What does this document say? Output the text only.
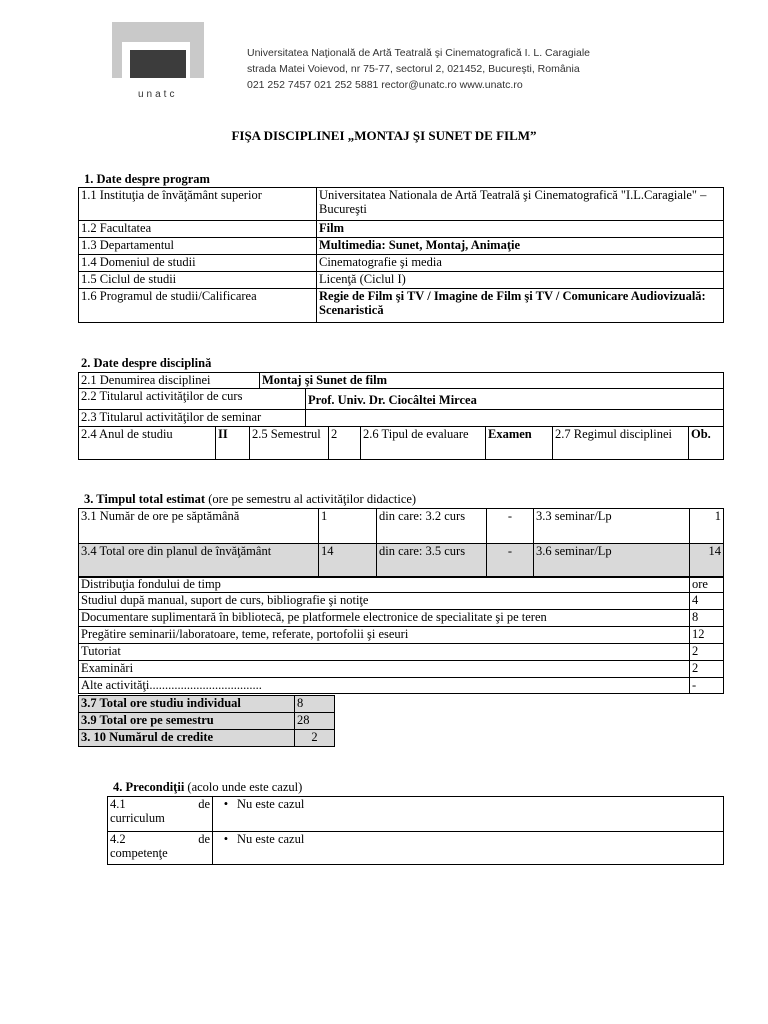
unatc
Universitatea Naţională de Artă Teatrală şi Cinematografică I. L. Caragiale
strada Matei Voievod, nr 75-77, sectorul 2, 021452, Bucureşti, România
021 252 7457 021 252 5881 rector@unatc.ro www.unatc.ro
FIŞA DISCIPLINEI „MONTAJ ŞI SUNET DE FILM”
1. Date despre program
1.1 Instituţia de învăţământ superior	Universitatea Nationala de Artă Teatrală şi Cinematografică "I.L.Caragiale" – Bucureşti
1.2 Facultatea	Film
1.3 Departamentul	Multimedia: Sunet, Montaj, Animaţie
1.4 Domeniul de studii	Cinematografie şi media
1.5 Ciclul de studii	Licenţă (Ciclul I)
1.6 Programul de studii/Calificarea	Regie de Film şi TV / Imagine de Film şi TV / Comunicare Audiovizuală: Scenaristică
2. Date despre disciplină
2.1 Denumirea disciplinei	Montaj şi Sunet de film
2.2 Titularul activităţilor de curs	Prof. Univ. Dr. Ciocâltei Mircea
2.3 Titularul activităţilor de seminar	
2.4 Anul de studiu	II	2.5 Semestrul	2	2.6 Tipul de evaluare	Examen	2.7 Regimul disciplinei	Ob.
3. Timpul total estimat (ore pe semestru al activităţilor didactice)
3.1 Număr de ore pe săptămână	1	din care: 3.2 curs	-	3.3 seminar/Lp	1
3.4 Total ore din planul de învăţământ	14	din care: 3.5 curs	-	3.6 seminar/Lp	14
Distribuţia fondului de timp	ore
Studiul după manual, suport de curs, bibliografie şi notiţe	4
Documentare suplimentară în bibliotecă, pe platformele electronice de specialitate şi pe teren	8
Pregătire seminarii/laboratoare, teme, referate, portofolii şi eseuri	12
Tutoriat	2
Examinări	2
Alte activităţi....................................	-
3.7 Total ore studiu individual	8
3.9 Total ore pe semestru	28
3. 10 Numărul de credite	2
4. Precondiţii (acolo unde este cazul)
4.1 de
curriculum	• Nu este cazul

4.2 de
competenţe	• Nu este cazul
